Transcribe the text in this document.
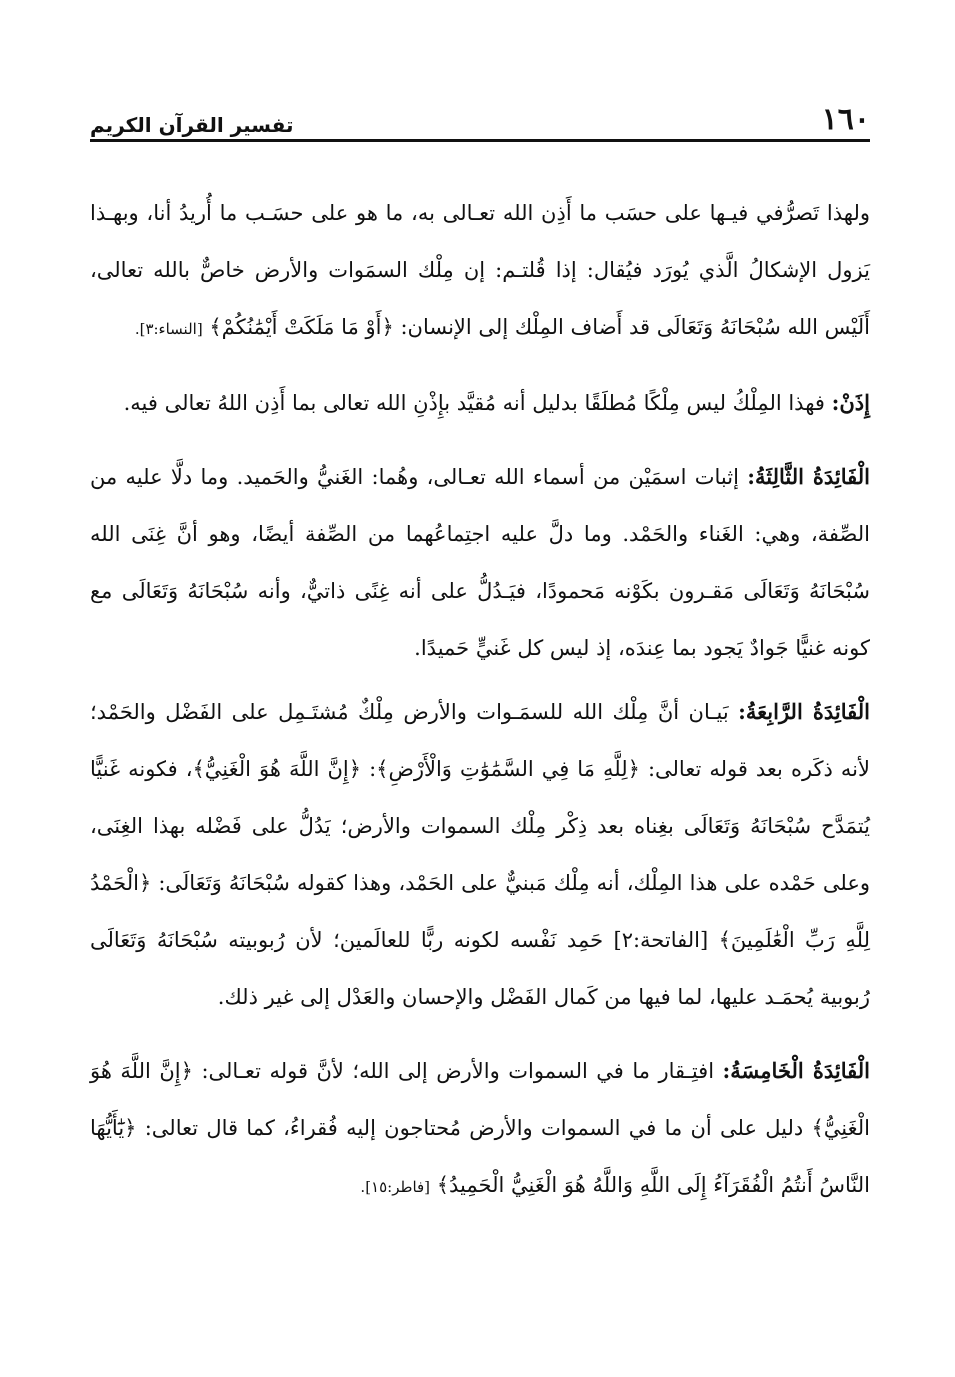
١٦٠
تفسير القرآن الكريم

ولهذا تَصرُّفي فيـها على حسَب ما أَذِن الله تعـالى به، ما هو على حسَـب ما أُريدُ أنا، وبهـذا يَزول الإشكالُ الَّذي يُورَد فيُقال: إذا قُلتـم: إن مِلْك السمَوات والأرض خاصٌّ بالله تعالى، أَلَيْس الله سُبْحَانَهُ وَتَعَالَى قد أَضاف المِلْك إلى الإنسان: ﴿أَوْ مَا مَلَكَتْ أَيْمَٰنُكُمْ﴾ [النساء:٣].

إِذَنْ: فهذا المِلْكُ ليس مِلْكًا مُطلَقًا بدليل أنه مُقيَّد بإِذْنِ الله تعالى بما أَذِن اللهُ تعالى فيه.

الْفَائِدَةُ الثَّالِثَةُ: إثبات اسمَيْن من أسماء الله تعـالى، وهُما: الغَنيُّ والحَميد. وما دلَّا عليه من الصِّفة، وهي: الغَناء والحَمْد. وما دلَّ عليه اجتِماعُهما من الصِّفة أيضًا، وهو أنَّ غِنَى الله سُبْحَانَهُ وَتَعَالَى مَقـرون بكَوْنه مَحمودًا، فيَـدُلُّ على أنه غِنًى ذاتيٌّ، وأنه سُبْحَانَهُ وَتَعَالَى مع كونه غنيًّا جَوادٌ يَجود بما عِندَه، إذ ليس كل غَنيٍّ حَميدًا.

الْفَائِدَةُ الرَّابِعَةُ: بَيـان أنَّ مِلْك الله للسمَـوات والأرض مِلْكٌ مُشتَـمِل على الفَضْل والحَمْد؛ لأنه ذكَره بعد قوله تعالى: ﴿لِلَّهِ مَا فِي السَّمَٰوَٰتِ وَالْأَرْضِ﴾: ﴿إِنَّ اللَّهَ هُوَ الْغَنِيُّ﴾، فكونه غَنيًّا يُتمَدَّح سُبْحَانَهُ وَتَعَالَى بغِناه بعد ذِكْر مِلْك السموات والأرض؛ يَدُلُّ على فَضْله بهذا الغِنَى، وعلى حَمْده على هذا المِلْك، أنه مِلْك مَبنيٌّ على الحَمْد، وهذا كقوله سُبْحَانَهُ وَتَعَالَى: ﴿الْحَمْدُ لِلَّهِ رَبِّ الْعَٰلَمِينَ﴾ [الفاتحة:٢] حَمِد نَفْسه لكونه ربًّا للعالَمين؛ لأن رُبوبيته سُبْحَانَهُ وَتَعَالَى رُبوبية يُحمَـد عليها، لما فيها من كَمال الفَضْل والإحسان والعَدْل إلى غير ذلك.

الْفَائِدَةُ الْخَامِسَةُ: افتِـقار ما في السموات والأرض إلى الله؛ لأنَّ قوله تعـالى: ﴿إِنَّ اللَّهَ هُوَ الْغَنِيُّ﴾ دليل على أن ما في السموات والأرض مُحتاجون إليه فُقراءُ، كما قال تعالى: ﴿يَٰٓأَيُّهَا النَّاسُ أَنتُمُ الْفُقَرَآءُ إِلَى اللَّهِ وَاللَّهُ هُوَ الْغَنِيُّ الْحَمِيدُ﴾ [فاطر:١٥].
